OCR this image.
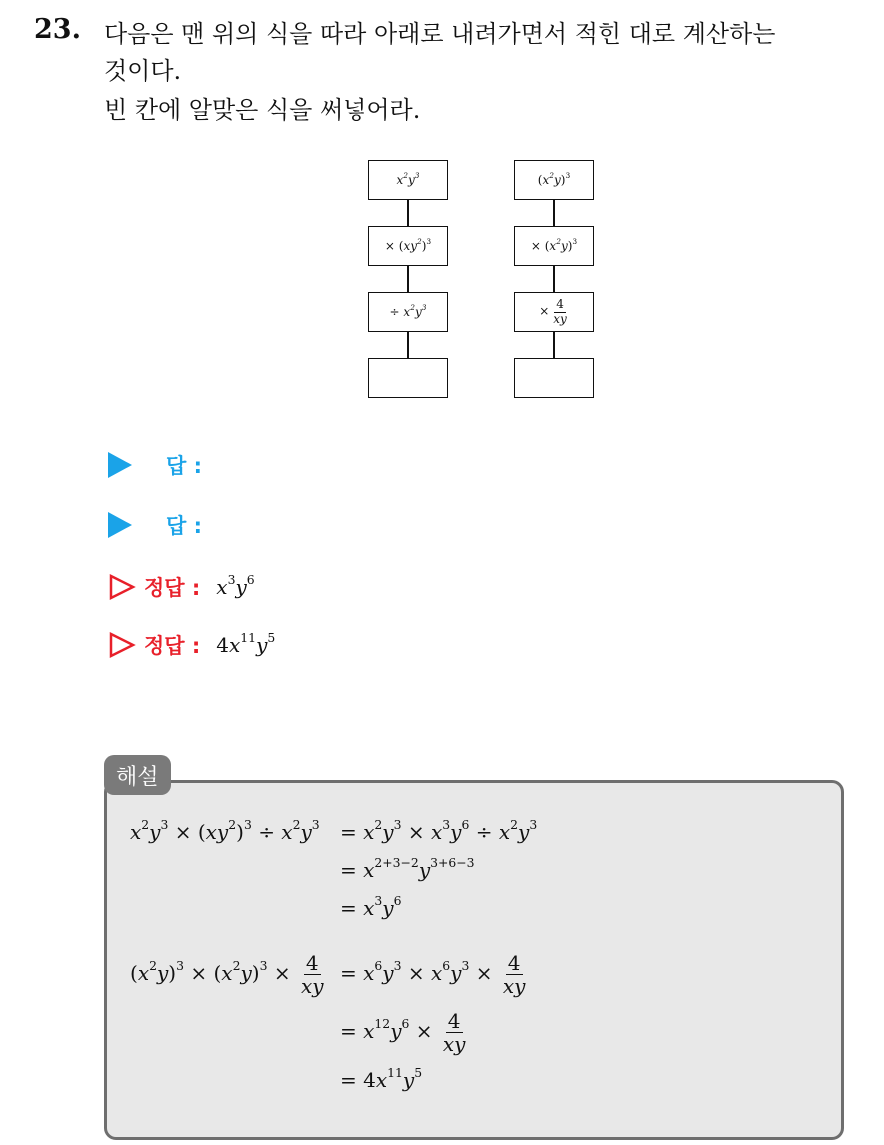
23. 다음은 맨 위의 식을 따라 아래로 내려가면서 적힌 대로 계산하는
것이다.
빈 칸에 알맞은 식을 써넣어라.
$x^2y^3$
× $(xy^2)^3$
÷ $x^2y^3$
$(x^2y)^3$
× $(x^2y)^3$
× $\frac{4}{xy}$
답 :
답 :
정답 : $x^3y^6$
정답 : $4x^{11}y^5$
해설
$x^2y^3 \times (xy^2)^3 \div x^2y^3 = x^2y^3 \times x^3y^6 \div x^2y^3$
= $x^{2+3-2}y^{3+6-3}$
= $x^3y^6$
$(x^2y)^3 \times (x^2y)^3 \times \frac{4}{xy} = x^6y^3 \times x^6y^3 \times \frac{4}{xy}$
= $x^{12}y^6 \times \frac{4}{xy}$
= $4x^{11}y^5$
